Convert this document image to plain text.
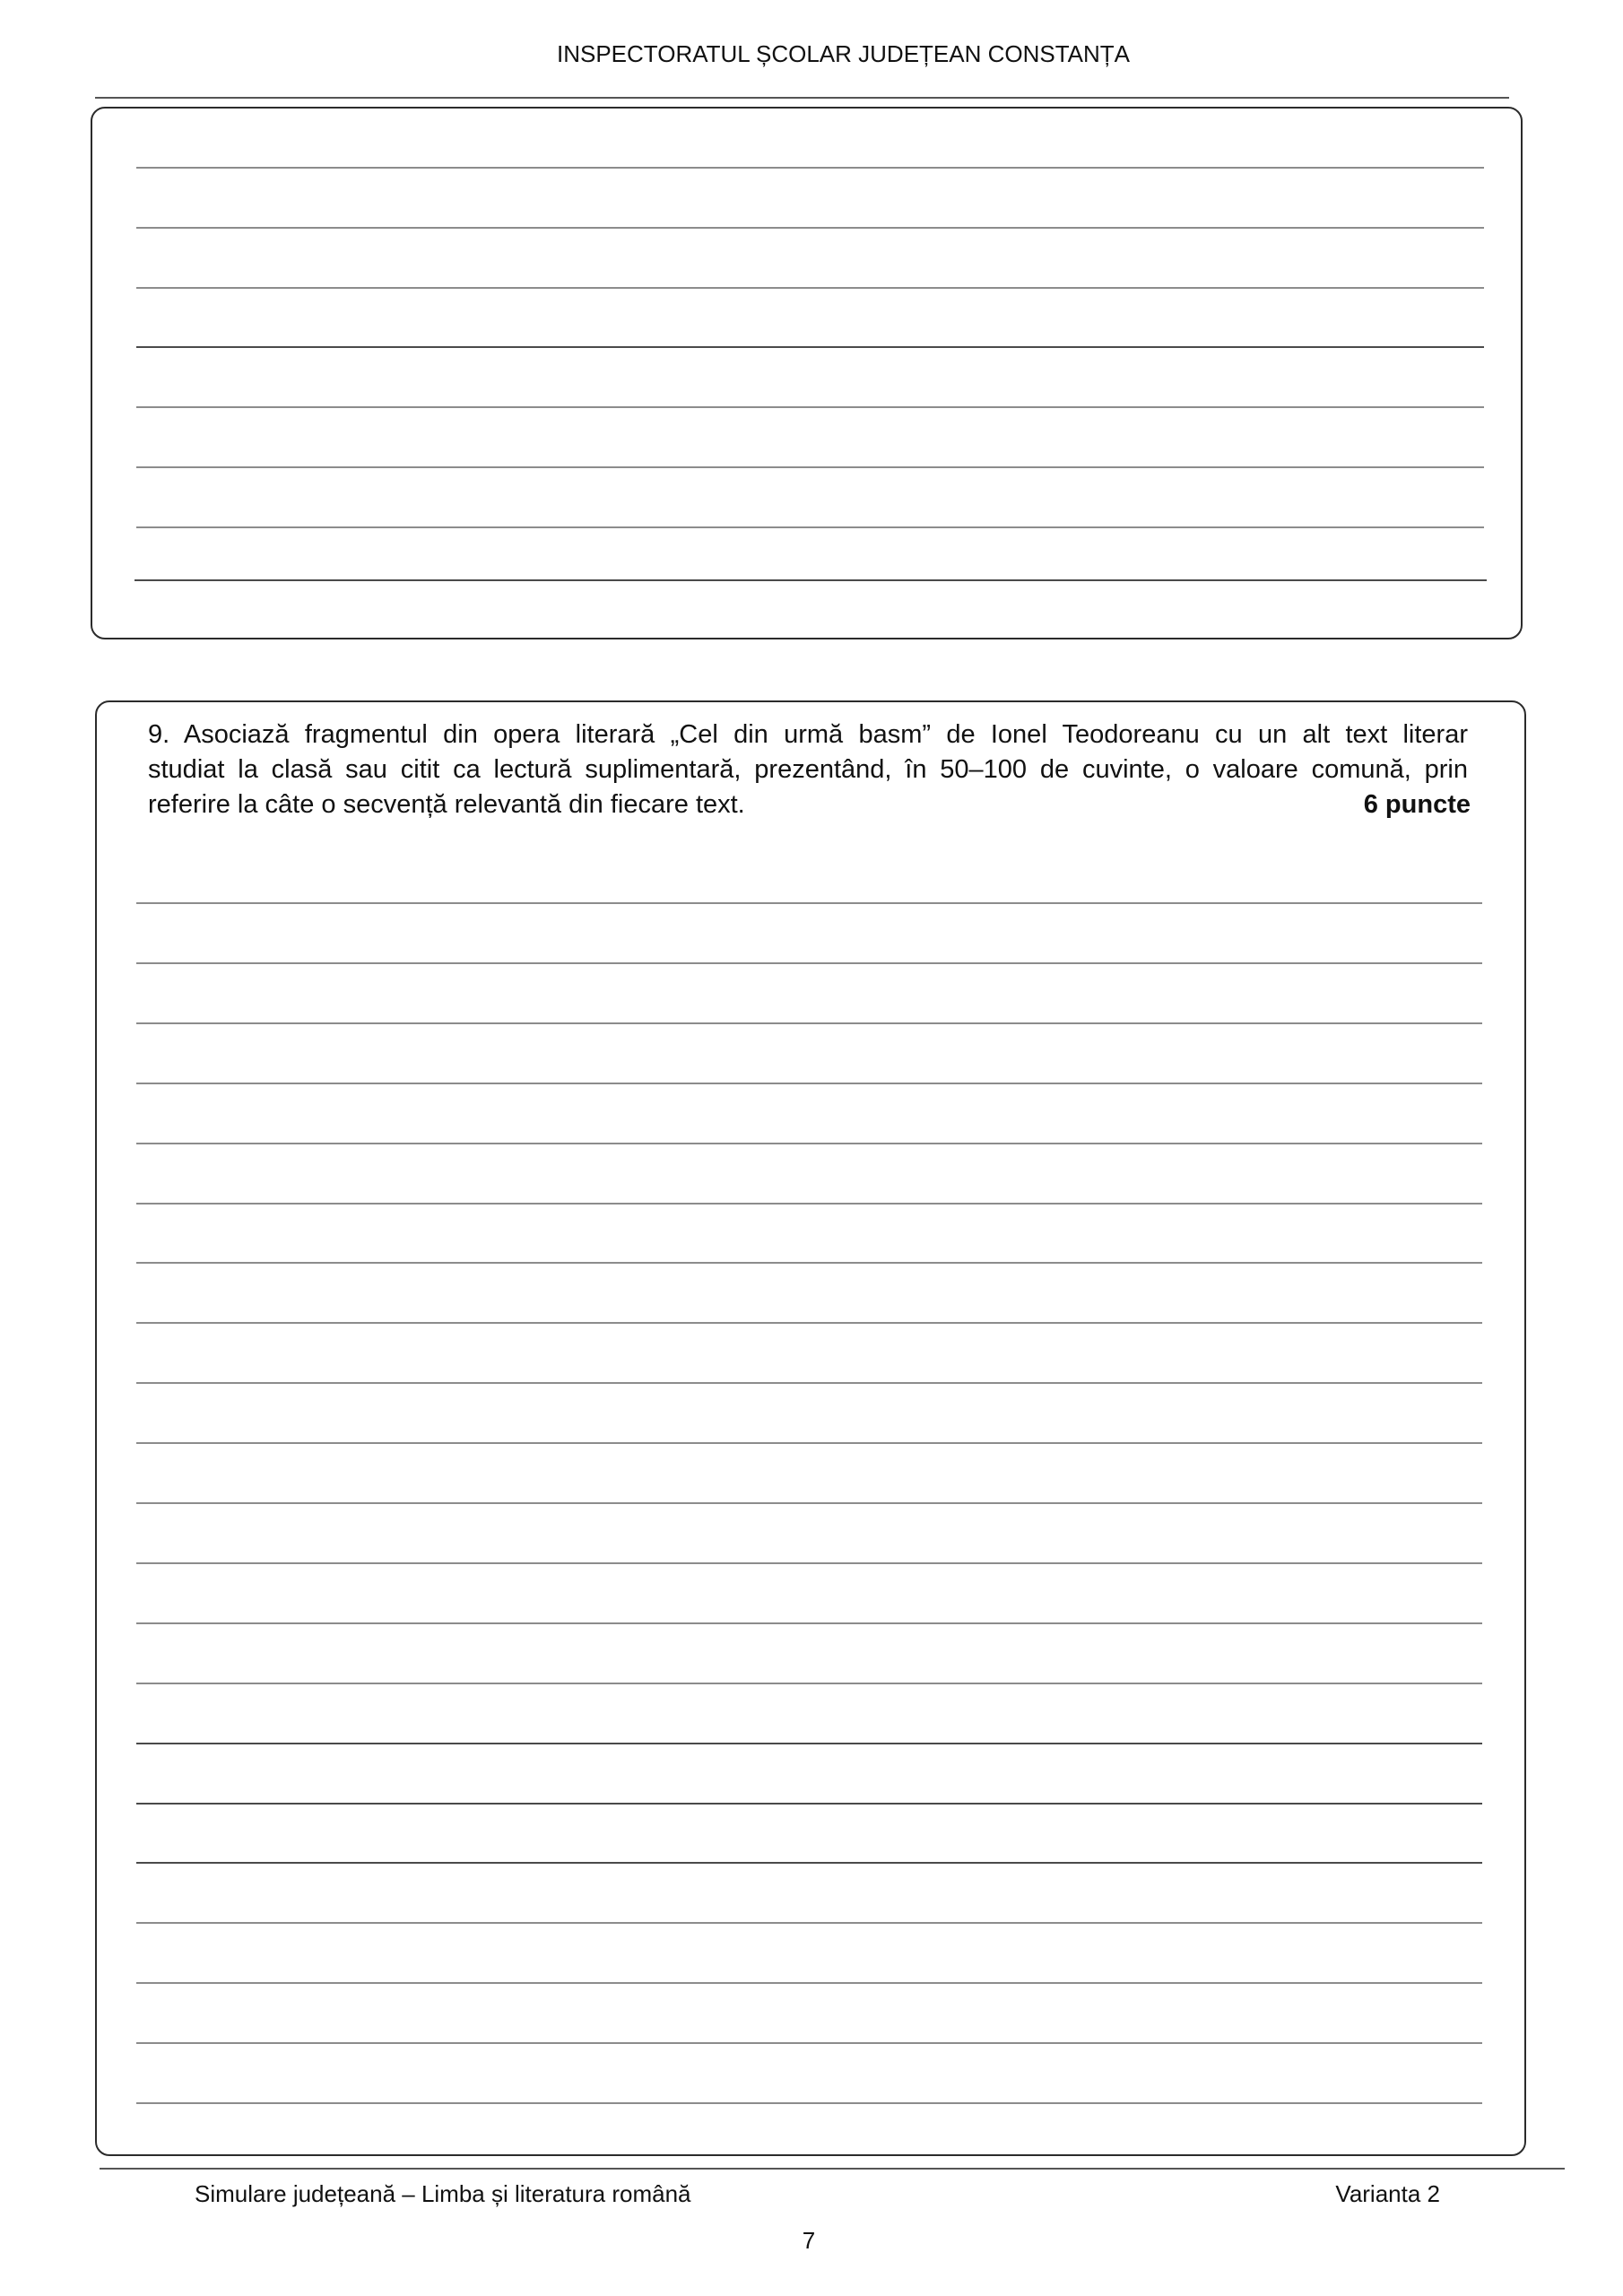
INSPECTORATUL ȘCOLAR JUDEȚEAN CONSTANȚA
9. Asociază fragmentul din opera literară „Cel din urmă basm” de Ionel Teodoreanu cu un alt text literar
studiat la clasă sau citit ca lectură suplimentară, prezentând, în 50–100 de cuvinte, o valoare comună, prin
referire la câte o secvență relevantă din fiecare text.	6 puncte
Simulare județeană – Limba și literatura română	Varianta 2
7
